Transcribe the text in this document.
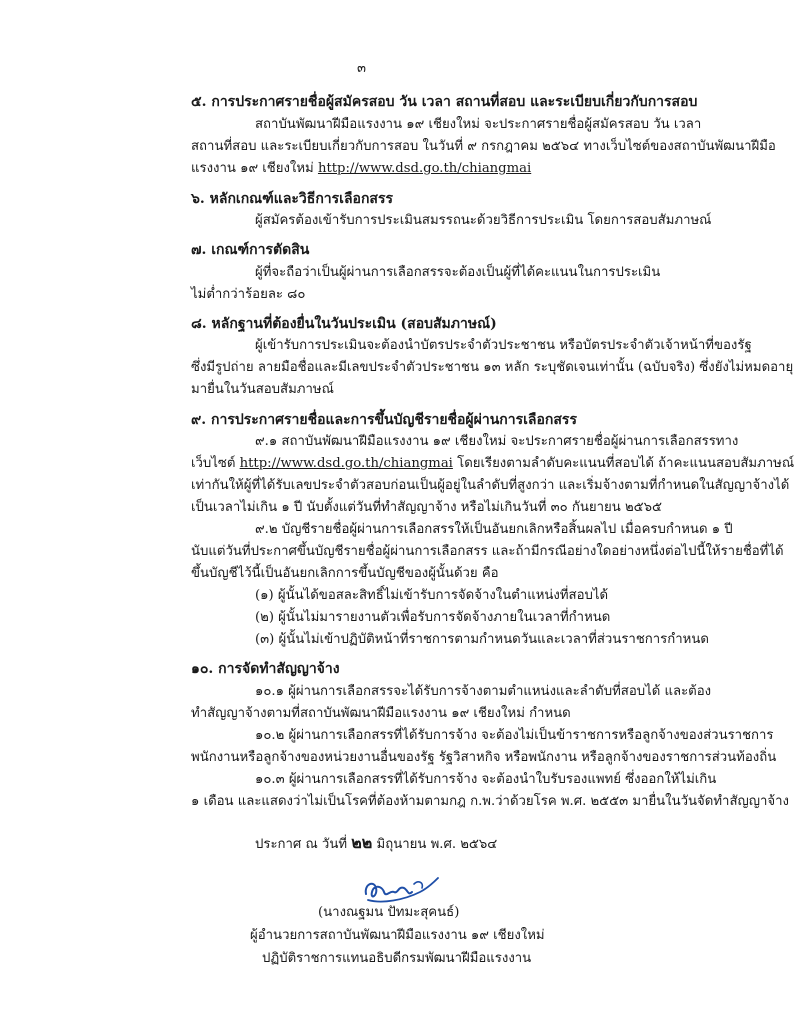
๓
๕. การประกาศรายชื่อผู้สมัครสอบ วัน เวลา สถานที่สอบ และระเบียบเกี่ยวกับการสอบ
สถาบันพัฒนาฝีมือแรงงาน ๑๙ เชียงใหม่ จะประกาศรายชื่อผู้สมัครสอบ วัน เวลา
สถานที่สอบ และระเบียบเกี่ยวกับการสอบ ในวันที่ ๙ กรกฎาคม ๒๕๖๔ ทางเว็บไซต์ของสถาบันพัฒนาฝีมือ
แรงงาน ๑๙ เชียงใหม่ http://www.dsd.go.th/chiangmai
๖. หลักเกณฑ์และวิธีการเลือกสรร
ผู้สมัครต้องเข้ารับการประเมินสมรรถนะด้วยวิธีการประเมิน โดยการสอบสัมภาษณ์
๗. เกณฑ์การตัดสิน
ผู้ที่จะถือว่าเป็นผู้ผ่านการเลือกสรรจะต้องเป็นผู้ที่ได้คะแนนในการประเมิน
ไม่ต่ำกว่าร้อยละ ๘๐
๘. หลักฐานที่ต้องยื่นในวันประเมิน (สอบสัมภาษณ์)
ผู้เข้ารับการประเมินจะต้องนำบัตรประจำตัวประชาชน หรือบัตรประจำตัวเจ้าหน้าที่ของรัฐ
ซึ่งมีรูปถ่าย ลายมือชื่อและมีเลขประจำตัวประชาชน ๑๓ หลัก ระบุชัดเจนเท่านั้น (ฉบับจริง) ซึ่งยังไม่หมดอายุ
มายื่นในวันสอบสัมภาษณ์
๙. การประกาศรายชื่อและการขึ้นบัญชีรายชื่อผู้ผ่านการเลือกสรร
๙.๑ สถาบันพัฒนาฝีมือแรงงาน ๑๙ เชียงใหม่ จะประกาศรายชื่อผู้ผ่านการเลือกสรรทาง
เว็บไซต์ http://www.dsd.go.th/chiangmai โดยเรียงตามลำดับคะแนนที่สอบได้ ถ้าคะแนนสอบสัมภาษณ์
เท่ากันให้ผู้ที่ได้รับเลขประจำตัวสอบก่อนเป็นผู้อยู่ในลำดับที่สูงกว่า และเริ่มจ้างตามที่กำหนดในสัญญาจ้างได้
เป็นเวลาไม่เกิน ๑ ปี นับตั้งแต่วันที่ทำสัญญาจ้าง หรือไม่เกินวันที่ ๓๐ กันยายน ๒๕๖๕
๙.๒ บัญชีรายชื่อผู้ผ่านการเลือกสรรให้เป็นอันยกเลิกหรือสิ้นผลไป เมื่อครบกำหนด ๑ ปี
นับแต่วันที่ประกาศขึ้นบัญชีรายชื่อผู้ผ่านการเลือกสรร และถ้ามีกรณีอย่างใดอย่างหนึ่งต่อไปนี้ให้รายชื่อที่ได้
ขึ้นบัญชีไว้นี้เป็นอันยกเลิกการขึ้นบัญชีของผู้นั้นด้วย คือ
(๑) ผู้นั้นได้ขอสละสิทธิ์ไม่เข้ารับการจัดจ้างในตำแหน่งที่สอบได้
(๒) ผู้นั้นไม่มารายงานตัวเพื่อรับการจัดจ้างภายในเวลาที่กำหนด
(๓) ผู้นั้นไม่เข้าปฏิบัติหน้าที่ราชการตามกำหนดวันและเวลาที่ส่วนราชการกำหนด
๑๐. การจัดทำสัญญาจ้าง
๑๐.๑ ผู้ผ่านการเลือกสรรจะได้รับการจ้างตามตำแหน่งและลำดับที่สอบได้ และต้อง
ทำสัญญาจ้างตามที่สถาบันพัฒนาฝีมือแรงงาน ๑๙ เชียงใหม่ กำหนด
๑๐.๒ ผู้ผ่านการเลือกสรรที่ได้รับการจ้าง จะต้องไม่เป็นข้าราชการหรือลูกจ้างของส่วนราชการ
พนักงานหรือลูกจ้างของหน่วยงานอื่นของรัฐ รัฐวิสาหกิจ หรือพนักงาน หรือลูกจ้างของราชการส่วนท้องถิ่น
๑๐.๓ ผู้ผ่านการเลือกสรรที่ได้รับการจ้าง จะต้องนำใบรับรองแพทย์ ซึ่งออกให้ไม่เกิน
๑ เดือน และแสดงว่าไม่เป็นโรคที่ต้องห้ามตามกฎ ก.พ.ว่าด้วยโรค พ.ศ. ๒๕๕๓ มายื่นในวันจัดทำสัญญาจ้าง
ประกาศ ณ วันที่ ๒๒ มิถุนายน พ.ศ. ๒๕๖๔
(นางณฐมน ปัทมะสุคนธ์)
ผู้อำนวยการสถาบันพัฒนาฝีมือแรงงาน ๑๙ เชียงใหม่
ปฏิบัติราชการแทนอธิบดีกรมพัฒนาฝีมือแรงงาน
